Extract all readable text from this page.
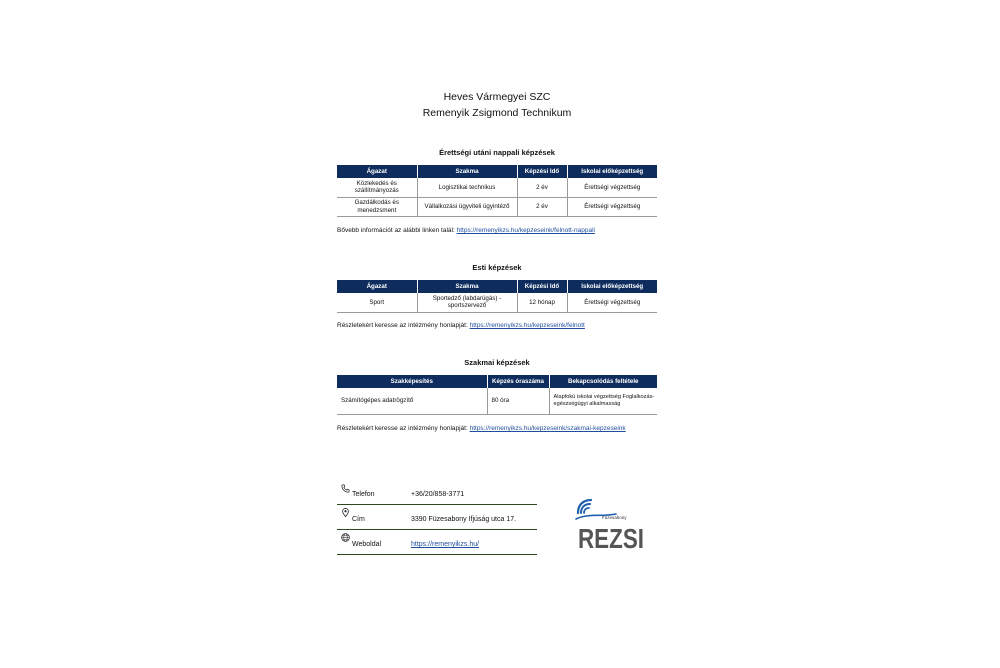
Heves Vármegyei SZC
Remenyik Zsigmond Technikum
Érettségi utáni nappali képzések
Ágazat	Szakma	Képzési Idő	Iskolai előképzettség
Közlekedés és szállítmányozás	Logisztikai technikus	2 év	Érettségi végzettség
Gazdálkodás és menedzsment	Vállalkozási ügyviteli ügyintéző	2 év	Érettségi végzettség
Bővebb információt az alábbi linken talál: https://remenyikzs.hu/kepzeseink/felnott-nappali
Esti képzések
Ágazat	Szakma	Képzési Idő	Iskolai előképzettség
Sport	Sportedző (labdarúgás) - sportszervező	12 hónap	Érettségi végzettség
Részletekért keresse az intézmény honlapját: https://remenyikzs.hu/kepzeseink/felnott
Szakmai képzések
Szakképesítés	Képzés óraszáma	Bekapcsolódás feltétele
Számítógépes adatrögzítő	80 óra	Alapfokú iskolai végzettség Foglalkozás-egészségügyi alkalmasság
Részletekért keresse az intézmény honlapját: https://remenyikzs.hu/kepzeseink/szakmai-kepzeseink
Telefon	+36/20/858-3771
Cím	3390 Füzesabony Ifjúság utca 17.
Weboldal	https://remenyikzs.hu/
Füzesabony
REZSI
